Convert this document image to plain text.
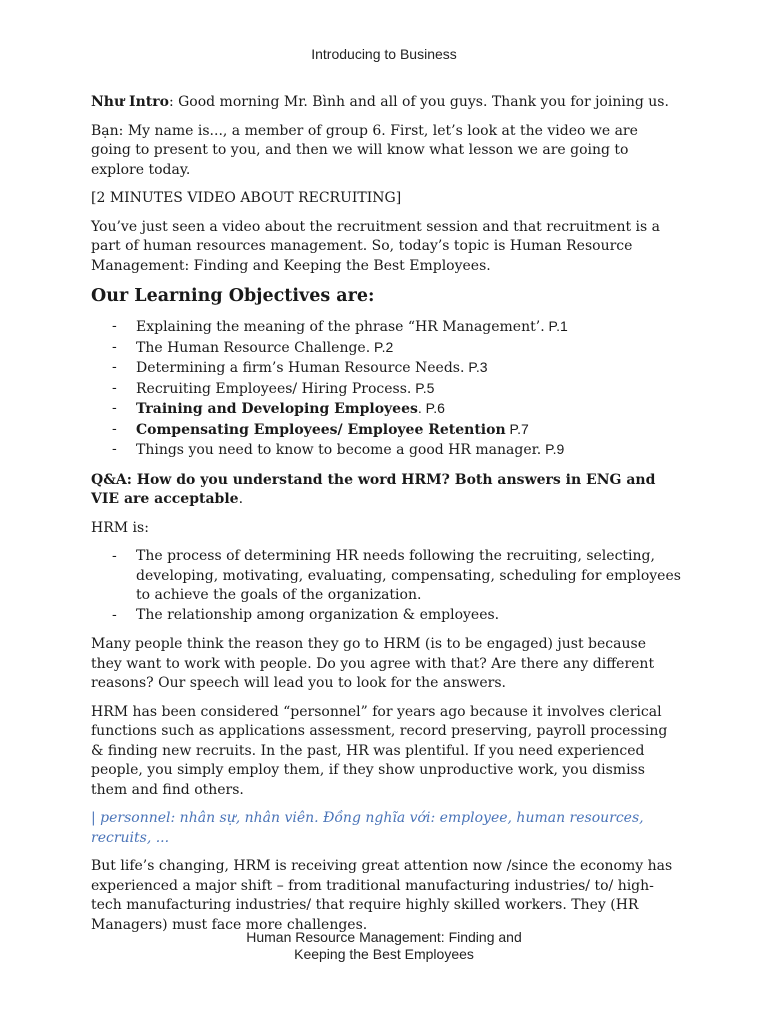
Introducing to Business

Như Intro: Good morning Mr. Bình and all of you guys. Thank you for joining us.

Bạn: My name is..., a member of group 6. First, let’s look at the video we are going to present to you, and then we will know what lesson we are going to explore today.

[2 MINUTES VIDEO ABOUT RECRUITING]

You’ve just seen a video about the recruitment session and that recruitment is a part of human resources management. So, today’s topic is Human Resource Management: Finding and Keeping the Best Employees.

Our Learning Objectives are:
- Explaining the meaning of the phrase “HR Management’. P.1
- The Human Resource Challenge. P.2
- Determining a firm’s Human Resource Needs. P.3
- Recruiting Employees/ Hiring Process. P.5
- Training and Developing Employees. P.6
- Compensating Employees/ Employee Retention P.7
- Things you need to know to become a good HR manager. P.9

Q&A: How do you understand the word HRM? Both answers in ENG and VIE are acceptable.

HRM is:

- The process of determining HR needs following the recruiting, selecting, developing, motivating, evaluating, compensating, scheduling for employees to achieve the goals of the organization.
- The relationship among organization & employees.

Many people think the reason they go to HRM (is to be engaged) just because they want to work with people. Do you agree with that? Are there any different reasons? Our speech will lead you to look for the answers.

HRM has been considered “personnel” for years ago because it involves clerical functions such as applications assessment, record preserving, payroll processing & finding new recruits. In the past, HR was plentiful. If you need experienced people, you simply employ them, if they show unproductive work, you dismiss them and find others.

| personnel: nhân sự, nhân viên. Đồng nghĩa với: employee, human resources, recruits, ...

But life’s changing, HRM is receiving great attention now /since the economy has experienced a major shift – from traditional manufacturing industries/ to/ high-tech manufacturing industries/ that require highly skilled workers. They (HR Managers) must face more challenges.

Human Resource Management: Finding and
Keeping the Best Employees
